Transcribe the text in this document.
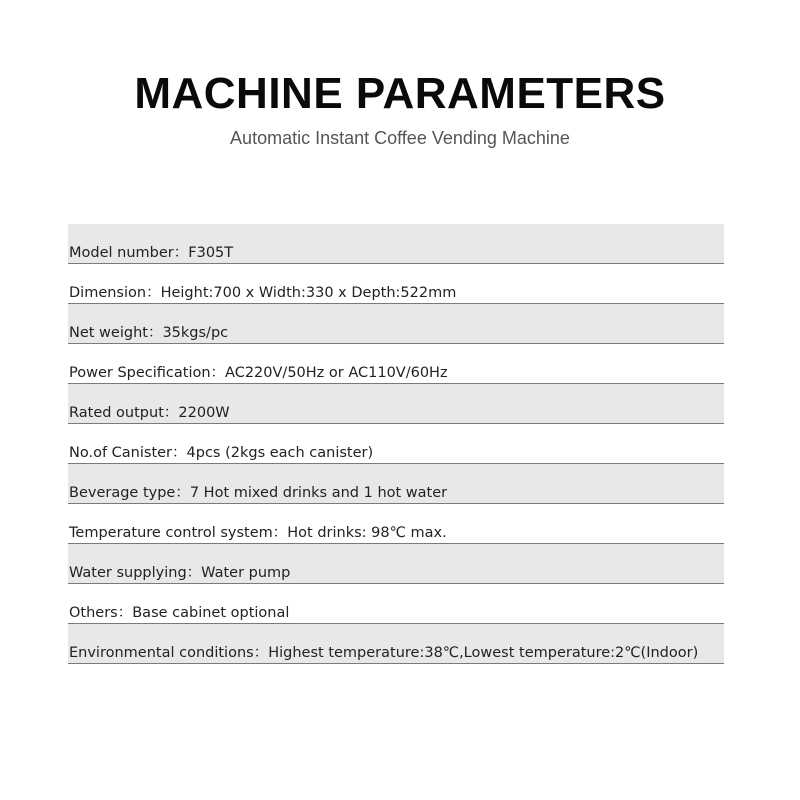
MACHINE PARAMETERS
Automatic Instant Coffee Vending Machine
Model number：F305T
Dimension：Height:700 x Width:330 x Depth:522mm
Net weight：35kgs/pc
Power Specification：AC220V/50Hz or AC110V/60Hz
Rated output：2200W
No.of Canister：4pcs (2kgs each canister)
Beverage type：7 Hot mixed drinks and 1 hot water
Temperature control system：Hot drinks: 98℃ max.
Water supplying：Water pump
Others：Base cabinet optional
Environmental conditions：Highest temperature:38℃,Lowest temperature:2℃(Indoor)
